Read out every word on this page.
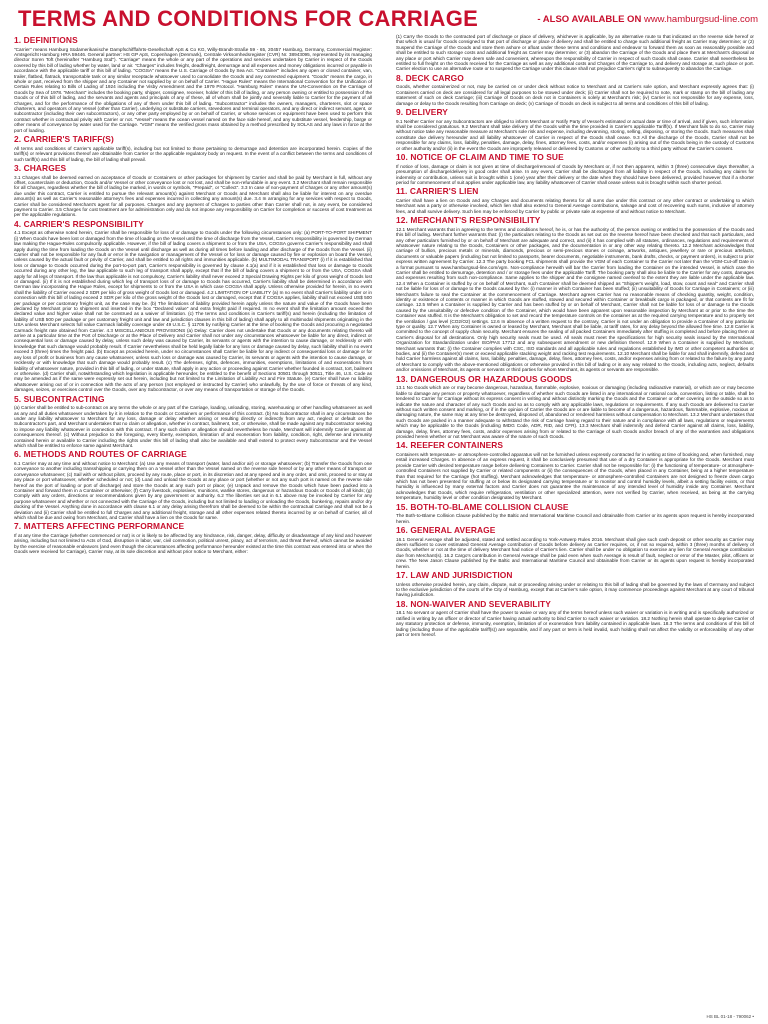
TERMS AND CONDITIONS FOR CARRIAGE	- ALSO AVAILABLE ON www.hamburgsud-line.com
1. DEFINITIONS

"Carrier" means Hamburg Südamerikanische Dampfschifffahrts-Gesellschaft ApS & Co KG, Willy-Brandt-Straße 59 - 65, 20457 Hamburg, Germany, Commercial Register: Amtsgericht Hamburg HRA 59446. General partner: HS GP ApS, Copenhagen (Denmark), Centrale Virksomhedsregister (CVR) Nr. 38943095, represented by its managing director Soren Toft (hereinafter "Hamburg Süd"). "Carriage" means the whole or any part of the operations and services undertaken by Carrier in respect of the Goods covered by this bill of lading whether by water, land or air. "Charges" includes freight, deadfreight, demurrage and all expenses and money obligations incurred or payable in accordance with the applicable tariff or this bill of lading. "COGSA" means the U.S. Carriage of Goods by Sea Act. "Container" includes any open or closed container, van, trailer, flatbed, flatrack, transportable tank or any similar receptacle whatsoever used to consolidate the Goods and any connected equipment. "Goods" means the cargo, in whole or part, received from the shipper and any Container not supplied by or on behalf of Carrier. "Hague Rules" means the International Convention for the Unification of Certain Rules relating to Bills of Lading of 1924 including the Visby Amendment and the 1979 Protocol. "Hamburg Rules" means the UN-Convention on the Carriage of Goods by Sea of 1978. "Merchant" includes the booking party, shipper, consignee, receiver, holder of this bill of lading, or any person owning or entitled to possession of the Goods or of this bill of lading, and the servants and agents and principals of any of these, all of whom shall be jointly and severally liable to Carrier for the payment of all Charges, and for the performance of the obligations of any of them under this bill of lading. "Subcontractor" includes the owners, managers, charterers, slot or space charterers, and operators of any Vessel (other than Carrier), underlying or substitute carriers, stevedores and terminal operators, and any direct or indirect servant, agent, or subcontractor (including their own subcontractors), or any other party employed by or on behalf of Carrier, or whose services or equipment have been used to perform this contract whether in contractual privity with Carrier or not. "Vessel" means the ocean vessel named on the face side hereof, and any substitute vessel, feedership, barge or other means of conveyance by water used for the Carriage. "VGM" means the verified gross mass obtained by a method prescribed by SOLAS and any laws in force at the port of loading.

2. CARRIER'S TARIFF(S)

All terms and conditions of Carrier's applicable tariff(s), including but not limited to those pertaining to demurrage and detention are incorporated herein. Copies of the tariff(s) or relevant provisions thereof are obtainable from Carrier or the applicable regulatory body on request. In the event of a conflict between the terms and conditions of such tariff(s) and this bill of lading, the bill of lading shall prevail.

3. CHARGES

3.1 Charges shall be deemed earned on acceptance of Goods or Containers or other packages for shipment by Carrier and shall be paid by Merchant in full, without any offset, counterclaim or deduction, Goods and/or Vessel or other conveyance lost or not lost, and shall be non-refundable in any event. 3.2 Merchant shall remain responsible for all Charges, regardless whether the bill of lading be marked, in words or symbols, "Prepaid", or "Collect". 3.3 In case of non-payment of Charges or any other amount(s) due under this contract, Carrier is entitled to pursue the relevant amount(s) against Merchant or Goods and Merchant shall also be liable for interest on any overdue amount(s) as well as Carrier's reasonable attorney's fees and expenses incurred in collecting any amount(s) due. 3.4 In arranging for any services with respect to Goods, Carrier shall be considered Merchant's agent for all purposes. Charges and any payment of Charges to parties other than Carrier shall not, in any event, be considered payment to Carrier. 3.5 Charges for cost treatment are for administration only and do not impose any responsibility on Carrier for completion or success of cost treatment as per the applicable regulations.

4. CARRIER'S RESPONSIBILITY

4.1 Except as otherwise noted herein, Carrier shall be responsible for loss of or damage to Goods under the following circumstances only: (a) PORT-TO-PORT SHIPMENT (i) When Goods have been lost or damaged from the time of loading on the Vessel until the time of discharge from the Vessel, Carrier's responsibility is governed by German law making the Hague-Rules compulsorily applicable. However, if the bill of lading covers a shipment to or from the USA, COGSA governs Carrier's responsibility and shall apply during the time from loading the Goods on the Vessel until discharge as well as during all times before loading and after discharge of the Goods from the Vessel. (ii) Carrier shall not be responsible for any fault or error in the navigation or management of the Vessel or for loss or damage caused by fire or explosion on board the Vessel, unless caused by the actual fault or privity of Carrier, and shall be entitled to all rights and immunities applicable. (b) MULTIMODAL TRANSPORT (i) If it is established that loss or damage to Goods occurred during the port-to-port part, Carrier's responsibility is governed by clause 4.1(a) and if it is established that loss or damage to Goods occurred during any other leg, the law applicable to such leg of transport shall apply, except that if the bill of lading covers a shipment to or from the USA, COGSA shall apply for all legs of transport. If the law thus applicable is not compulsory, Carrier's liability shall never exceed 2 Special Drawing Rights per kilo of gross weight of Goods lost or damaged. (ii) If it is not established during which leg of transport loss of or damage to Goods has occurred, Carrier's liability shall be determined in accordance with German law incorporating the Hague Rules, except for shipments to or from the USA in which case COGSA shall apply. Unless otherwise provided for herein, in no event shall the liability of Carrier exceed 2 SDR per kilo of gross weight of Goods lost or damaged. 4.2 LIMITATION OF LIABILITY (a) In no event shall Carrier's liability under or in connection with this bill of lading exceed 2 SDR per kilo of the gross weight of the Goods lost or damaged, except that if COGSA applies, liability shall not exceed US$ 500 per package or per customary freight unit, as the case may be. (b) The limitations of liability provided herein apply unless the nature and value of the Goods have been declared by Merchant prior to shipment and inserted in the box "Declared value" and extra freight paid if required. In no event shall the limitation amount exceed the declared value and higher value shall not be construed as a waiver of limitation. (c) The terms and conditions in Carrier's tariff(s) and herein (including the limitation of liability of US$ 500 per package or per customary freight unit and law and jurisdiction clauses in this bill of lading) shall apply to all multimodal shipments originating in the USA unless Merchant selects full value Carmack liability coverage under 49 U.S.C. § 11706 by notifying Carrier at the time of booking the Goods and procuring a negotiated Carmack freight rate obtained from Carrier. 4.3 MISCELLANEOUS PROVISIONS (a) Delay: Carrier does not undertake that Goods or any documents relating thereto will arrive at a particular time at the Port of Discharge or at the Place of Delivery and Carrier shall not under any circumstances whatsoever be liable for any direct, indirect or consequential loss or damage caused by delay, unless such delay was caused by Carrier, its servants or agents with the intention to cause damage, or recklessly or with knowledge that such damage would probably result. If Carrier nevertheless shall be held legally liable for any loss or damage caused by delay, such liability shall in no event exceed 3 (three) times the freight paid. (b) Except as provided herein, under no circumstances shall Carrier be liable for any indirect or consequential loss or damage or for any loss of profit or business from any cause whatsoever, unless such loss or damage was caused by Carrier, its servants or agents with the intention to cause damage, or recklessly or with knowledge that such damage would probably result. (c) The defenses, rights, defences, immunities, exemptions, limitations of and exonerations from liability of whatsoever nature, provided in this bill of lading, or under statute, shall apply in any action or proceeding against Carrier whether founded in contract, tort, bailment or otherwise. (d) Carrier shall, notwithstanding which legislation is applicable hereunder, be entitled to the benefit of Sections 30501 through 30511, Title 46, U.S. Code as may be amended as if the same were expressly set out herein, including but not limited to the Limitation of Liability Act and Fire Statute. (e) Carrier shall have no liability whatsoever arising out of or in connection with the acts of any person (not employed or instructed by Carrier) who unlawfully, by the use of force or threats of any kind, damages, seizes, or exercises control over the Goods, over any Subcontractor, or over any means of transportation or storage of the Goods.

5. SUBCONTRACTING

(a) Carrier shall be entitled to sub-contract on any terms the whole or any part of the Carriage, loading, unloading, storing, warehousing or other handling whatsoever as well as any and all duties whatsoever undertaken by it in relation to the Goods or Containers or performance of this contract. (b) No Subcontractor shall in any circumstances be under any liability whatsoever to Merchant for any loss, damage or delay whether arising or resulting directly or indirectly from any act, neglect or default on the Subcontractor's part, and Merchant undertakes that no claim or allegation, whether in contract, bailment, tort, or otherwise, shall be made against any Subcontractor seeking to impose any liability whatsoever in connection with this contract. If any such claim or allegation should nevertheless be made, Merchant will indemnify Carrier against all consequences thereof. (c) Without prejudice to the foregoing, every liberty, exemption, limitation of and exoneration from liability, condition, right, defense and immunity contained herein or available to Carrier including the rights under this bill of lading shall also be available and shall extend to protect every Subcontractor and the Vessel which shall be entitled to enforce same against Merchant.

6. METHODS AND ROUTES OF CARRIAGE

6.1 Carrier may at any time and without notice to Merchant: (a) Use any means of transport (water, land and/or air) or storage whatsoever; (b) Transfer the Goods from one conveyance to another including transshipping or carrying them on a Vessel other than the Vessel named on the reverse side hereof or by any other means of transport or conveyance whatsoever; (c) Sail with or without pilots, proceed by any route, place or port, in its discretion and at any speed and in any order, and omit, proceed to or stay at any place or port whatsoever, whether scheduled or not; (d) Load and unload the Goods at any place or port (whether or not any such port is named on the reverse side hereof as the port of loading or port of discharge) and store the Goods at any such port or place; (e) Unpack and remove the Goods which have been packed into a Container and forward them in a Container or otherwise; (f) Carry livestock, explosives, munitions, warlike stores, dangerous or hazardous Goods or Goods of all kinds; (g) Comply with any orders, directions or recommendations given by any government or authority. 6.2 The liberties set out in 6.1 above may be invoked by Carrier for any purpose whatsoever and whether or not connected with the Carriage of the Goods, including but not limited to loading or unloading the Goods, bunkering, repairs and/or dry docking of the Vessel. Anything done in accordance with clause 6.1 or any delay arising therefrom shall be deemed to be within the contractual Carriage and shall not be a deviation and (ii) Carrier shall be entitled to full Charges and any additional freight, storage and all other expenses related thereto incurred by or on behalf of Carrier, all of which shall be due and owing from Merchant, and Carrier shall have a lien on the Goods for same.

7. MATTERS AFFECTING PERFORMANCE

If at any time the Carriage (whether commenced or not) is or is likely to be affected by any hindrance, risk, danger, delay, difficulty or disadvantage of any kind and however arising, including but not limited to Acts of God, disruption in labor, war, civil commotion, political unrest, piracy, act of terrorism, and threat thereof, which cannot be avoided by the exercise of reasonable endeavors (and even though the circumstances affecting performance hereunder existed at the time this contract was entered into or when the Goods were received for Carriage), Carrier may, at its sole discretion and without prior notice to Merchant, either:

(1) Carry the Goods to the contracted port of discharge or place of delivery, whichever is applicable, by an alternative route to that indicated on the reverse side hereof or that which is usual for Goods consigned to that port of discharge or place of delivery and shall be entitled to charge such additional freight as Carrier may determine; or (2) Suspend the Carriage of the Goods and store them ashore or afloat under these terms and conditions and endeavor to forward them as soon as reasonably possible and shall be entitled to such storage costs and additional freight as Carrier may determine; or (3) abandon the Carriage of the Goods and place them at Merchant's disposal at any place or port which Carrier may deem safe and convenient, whereupon the responsibility of Carrier in respect of such Goods shall cease. Carrier shall nevertheless be entitled to full freight on the Goods received for the Carriage as well as any additional costs and Charges of the Carriage to, and delivery and storage at, such place or port. Carrier election to use an alternative route or to suspend the Carriage under this clause shall not prejudice Carrier's right to subsequently to abandon the Carriage.

8. DECK CARGO

Goods, whether containerized or not, may be carried on or under deck without notice to Merchant and at Carrier's sole option, and Merchant expressly agrees that: (i) Containers carried on deck are considered for all legal purposes to be stowed under deck; (ii) Carrier shall not be required to note, mark or stamp on the bill of lading any statement of such on deck Carriage; (iii) Carriage of Goods on deck not in Containers is solely at Merchant's risk; (iv) Carrier is not responsible for any expense, loss, damage or delay to the Goods resulting from Carriage on deck; (v) Carriage of Goods on deck is subject to all terms and conditions of this bill of lading.

9. DELIVERY

9.1 Neither Carrier nor any Subcontractors are obliged to inform Merchant or Notify Party of Vessel's estimated or actual date or time of arrival, and if given, such information shall be considered gratuitous. 9.2 Merchant shall take delivery of the Goods within the time provided in Carrier's applicable Tariff(s). If Merchant fails to do so, Carrier may without notice take any reasonable measure at Merchant's sole risk and expense, including devanning, storing, selling, disposing, or storing the Goods. Such measures shall constitute due delivery hereunder and all liability whatsoever of Carrier in respect of the Goods shall cease. 9.3 All the discharge of the Goods, Carrier shall not be responsible for any claims, loss, liability, penalties, damage, delay, fines, attorney fees, costs, and/or expenses (i) arising out of the Goods being in the custody of Customs or other authority and/or (ii) in the event the Goods are improperly released or delivered by Customs or other authority to a third party without the Carrier's consent.

10. NOTICE OF CLAIM AND TIME TO SUE

If notice of loss, damage or claim is not given at time of discharge/removal of Goods by Merchant or, if not then apparent, within 3 (three) consecutive days thereafter, a presumption of discharge/delivery in good order shall arise. In any event, Carrier shall be discharged from all liability in respect of the Goods, including any claims for indemnity or contribution, unless suit is brought within 1 (one) year after their delivery or the date when they should have been delivered, provided however that if a shorter period for commencement of suit applies under applicable law, any liability whatsoever of Carrier shall cease unless suit is brought within such shorter period.

11. CARRIER'S LIEN

Carrier shall have a lien on Goods and any Charges and documents relating thereto for all sums due under this contract or any other contract or undertaking to which Merchant was a party or otherwise involved, which lien shall also extend to General Average contributions, salvage and cost of recovering such sums, inclusive of attorney fees, and shall survive delivery. Such lien may be enforced by Carrier by public or private sale at expense of and without notice to Merchant.

12. MERCHANT'S RESPONSIBILITY

12.1 Merchant warrants that in agreeing to the terms and conditions hereof, he is, or has the authority of, the person owning or entitled to the possession of the Goods and this bill of lading. Merchant further warrants that: (i) the particulars relating to the Goods as set out on the reverse hereof have been checked and that such particulars, and any other particulars furnished by or on behalf of Merchant are adequate and correct, and (ii) it has complied with all statutes, ordinances, regulations and requirements of whatsoever nature relating to the Goods, Containers or other packages, and the documentation in or any other way relating thereto. 12.2 Merchant acknowledges that carriage of bullion, precious metals or minerals, diamonds, precious or semi-precious stones or coinage, artworks, antiques, jewellery or rare or precious artefacts, documents or valuable papers (including but not limited to passports, bearer documents, negotiable instruments, bank drafts, checks, or payment orders), is subject to prior express written agreement by Carrier. 12.3 The party booking FCL shipments shall provide the VGM of each Container to the Carrier not later than the VGM-Cut-off Date in a format pursuant to www.hamburgsud-line.com/vgm. Non-compliance herewith will bar the Carrier from loading the Container on the intended Vessel, in which case the Carrier shall be entitled to demurrage, detention and / or storage fees under the applicable Tariff. The booking party shall also be liable to the Carrier for any costs, damages and expenses resulting from such non-compliance. Same applies to the shipper and the consignee named overleaf to the extent they are liable under the applicable law. 12.4 When a Container is stuffed by or on behalf of Merchant, such Container shall be deemed shipped as "Shipper's weight, load, stow, count and seal" and Carrier shall not be liable for loss of or damage to the Goods caused by the: (i) manner in which Container has been stuffed; (ii) unsuitability of Goods for Carriage in Containers; or (iii) Merchant's failure to seal the Container at the commencement of Carriage. Merchant agrees Carrier has no reasonable means of checking quantity, weight, condition, identity or existence of contents or manner in which Goods are stuffed, stowed and secured within Container or breakbulk cargo is packaged, or that contents are fit for carriage. 12.5 When a Container is supplied by Carrier and has been stuffed by or on behalf of Merchant, Carrier shall not be liable for loss of or damage to the Goods caused by the unsuitability or defective condition of the Container, which would have been apparent upon reasonable inspection by Merchant at or prior to the time the Container was stuffed. It is the Merchant's obligation to set and record the temperature controls on the container as at the required carrying temperature and to properly set the ventilation / gas level (CO2/O2) settings. 12.6 In absence of a written request to the contrary, Carrier is not under an obligation to provide a Container of any particular type or quality. 12.7 When any Container is owned or leased by Merchant, Merchant shall be liable, at tariff rates, for any delay beyond the allowed free time. 12.8 Carrier is committed to the concept of supply chain security. Merchant ensures the sealing of all packed Containers immediately after stuffing is completed and before placing them at Carrier's disposal for all destinations. Only high security seals must be used. All seals must meet the specifications for high security seals issued by the International Organization for Standardization under ISO/PAS 17712 and any subsequent amendment or new definition thereof. 12.9 When a Container is supplied by Merchant, Merchant warrants that: (i) the Container complies with CSC, ISO standards and all applicable rules and regulations established by IMO or other competent authorities or bodies, and (ii) the Container(s) meet or exceed applicable stacking weight and racking test requirements. 12.10 Merchant shall be liable for and shall indemnify, defend and hold Carrier harmless against all claims, loss, liability, penalties, damage, delay, fines, attorney fees, costs, and/or expenses arising from or related to the failure by any party of Merchant to comply with the above-mentioned obligations or otherwise provided in this bill of lading or in any way related to the Goods, including acts, neglect, defaults and/or omissions of Merchant, its agents or servants or third parties for whom Merchant, its agents or servants are responsible.

13. DANGEROUS OR HAZARDOUS GOODS

13.1 No Goods which are or may become dangerous, hazardous, flammable, explosive, noxious or damaging (including radioactive material), or which are or may become liable to damage any person or property whatsoever, regardless of whether such Goods are listed in any international or national code, convention, listing or table, shall be tendered to Carrier for Carriage without its express consent in writing and without distinctly marking the Goods and the Container or other covering on the outside so as to indicate the nature and character of any such Goods and so as to comply with any applicable laws, regulations or requirements. If any such Goods are delivered to Carrier without such written consent and marking, or if in the opinion of Carrier the Goods are or are liable to become of a dangerous, hazardous, flammable, explosive, noxious or damaging nature, the same may at any time be destroyed, disposed of, abandoned or rendered harmless without compensation to Merchant. 13.2 Merchant undertakes that such Goods are packed in a manner adequate to withstand the risk of Carriage having regard to their nature and in compliance with all laws, regulations or requirements which may be applicable to the Goods (including IMDG Code, ADR, RID, and CFR). 13.3 Merchant shall indemnify and defend Carrier against all claims, loss, liability, damage, delay, fines, attorney fees, costs, and/or expenses arising from or related to the Carriage of such Goods and/or breach of any of the warranties and obligations provided herein whether or not Merchant was aware of the nature of such Goods.

14. REEFER CONTAINERS

Containers with temperature- or atmosphere-controlled apparatus will not be furnished unless expressly contracted for in writing at time of booking and, when furnished, may entail increased Charges. In absence of an express request, it shall be conclusively presumed that use of a dry Container is appropriate for the Goods. Merchant must provide Carrier with desired temperature range before delivering Containers to Carrier. Carrier shall not be responsible for: (i) the functioning of temperature- or atmosphere-controlled Containers not supplied by Carrier or related components or (ii) the consequences of the Goods, when placed in any Container, being at a higher temperature than that required for the Carriage (hot stuffing). Merchant acknowledges that temperature- or atmosphere-controlled Containers are not designed to freeze down cargo which has not been presented for stuffing at or below its designated carrying temperature or to monitor and control humidity levels, albeit a setting facility exists, or that humidity is influenced by many external factors and Carrier does not guarantee the maintenance of any intended level of humidity inside any Container. Merchant acknowledges that Goods, which require refrigeration, ventilation or other specialized attention, were not verified by Carrier, when received, as being at the carrying temperature, humidity level or other condition designated by Merchant.

15. BOTH-TO-BLAME COLLISION CLAUSE

The Both-to-Blame Collision Clause published by the Baltic and International Maritime Council and obtainable from Carrier or its agents upon request is hereby incorporated herein.

16. GENERAL AVERAGE

16.1 General Average shall be adjusted, stated and settled according to York-Antwerp Rules 2016. Merchant shall give such cash deposit or other security as Carrier may deem sufficient to cover estimated General Average contribution of Goods before delivery as Carrier requires, or, if not so required, within 3 (three) months of delivery of Goods, whether or not at the time of delivery Merchant had notice of Carrier's lien. Carrier shall be under no obligation to exercise any lien for General Average contribution due from Merchant(s). 16.2 Cargo's contribution in General Average shall be paid even when such Average is result of fault, neglect or error of the Master, pilot, officers or crew. The New Jason Clause published by the Baltic and International Maritime Council and obtainable from Carrier or its agents upon request is hereby incorporated herein.

17. LAW AND JURISDICTION

Unless otherwise provided herein, any claim, dispute, suit or proceeding arising under or relating to this bill of lading shall be governed by the laws of Germany and subject to the exclusive jurisdiction of the courts of the City of Hamburg, except that at Carrier's sole option, it may commence proceedings against Merchant at any court of tribunal having jurisdiction.

18. NON-WAIVER AND SEVERABILITY

18.1 No servant or agent of Carrier shall have the power to waive or vary any of the terms hereof unless such waiver or variation is in writing and is specifically authorized or ratified in writing by an officer or director of Carrier having actual authority to bind Carrier to such waiver or variation. 18.2 Nothing herein shall operate to deprive Carrier of any statutory protection or defense, immunity, exemption, limitation of or exoneration from liability contained in applicable laws. 18.3 The terms and conditions of this bill of lading (including those of the applicable tariff(s)) are separable, and if any part or term is held invalid, such holding shall not affect the validity or enforceability of any other part or term hereof.

HS BL 01-18 - 790062 •
